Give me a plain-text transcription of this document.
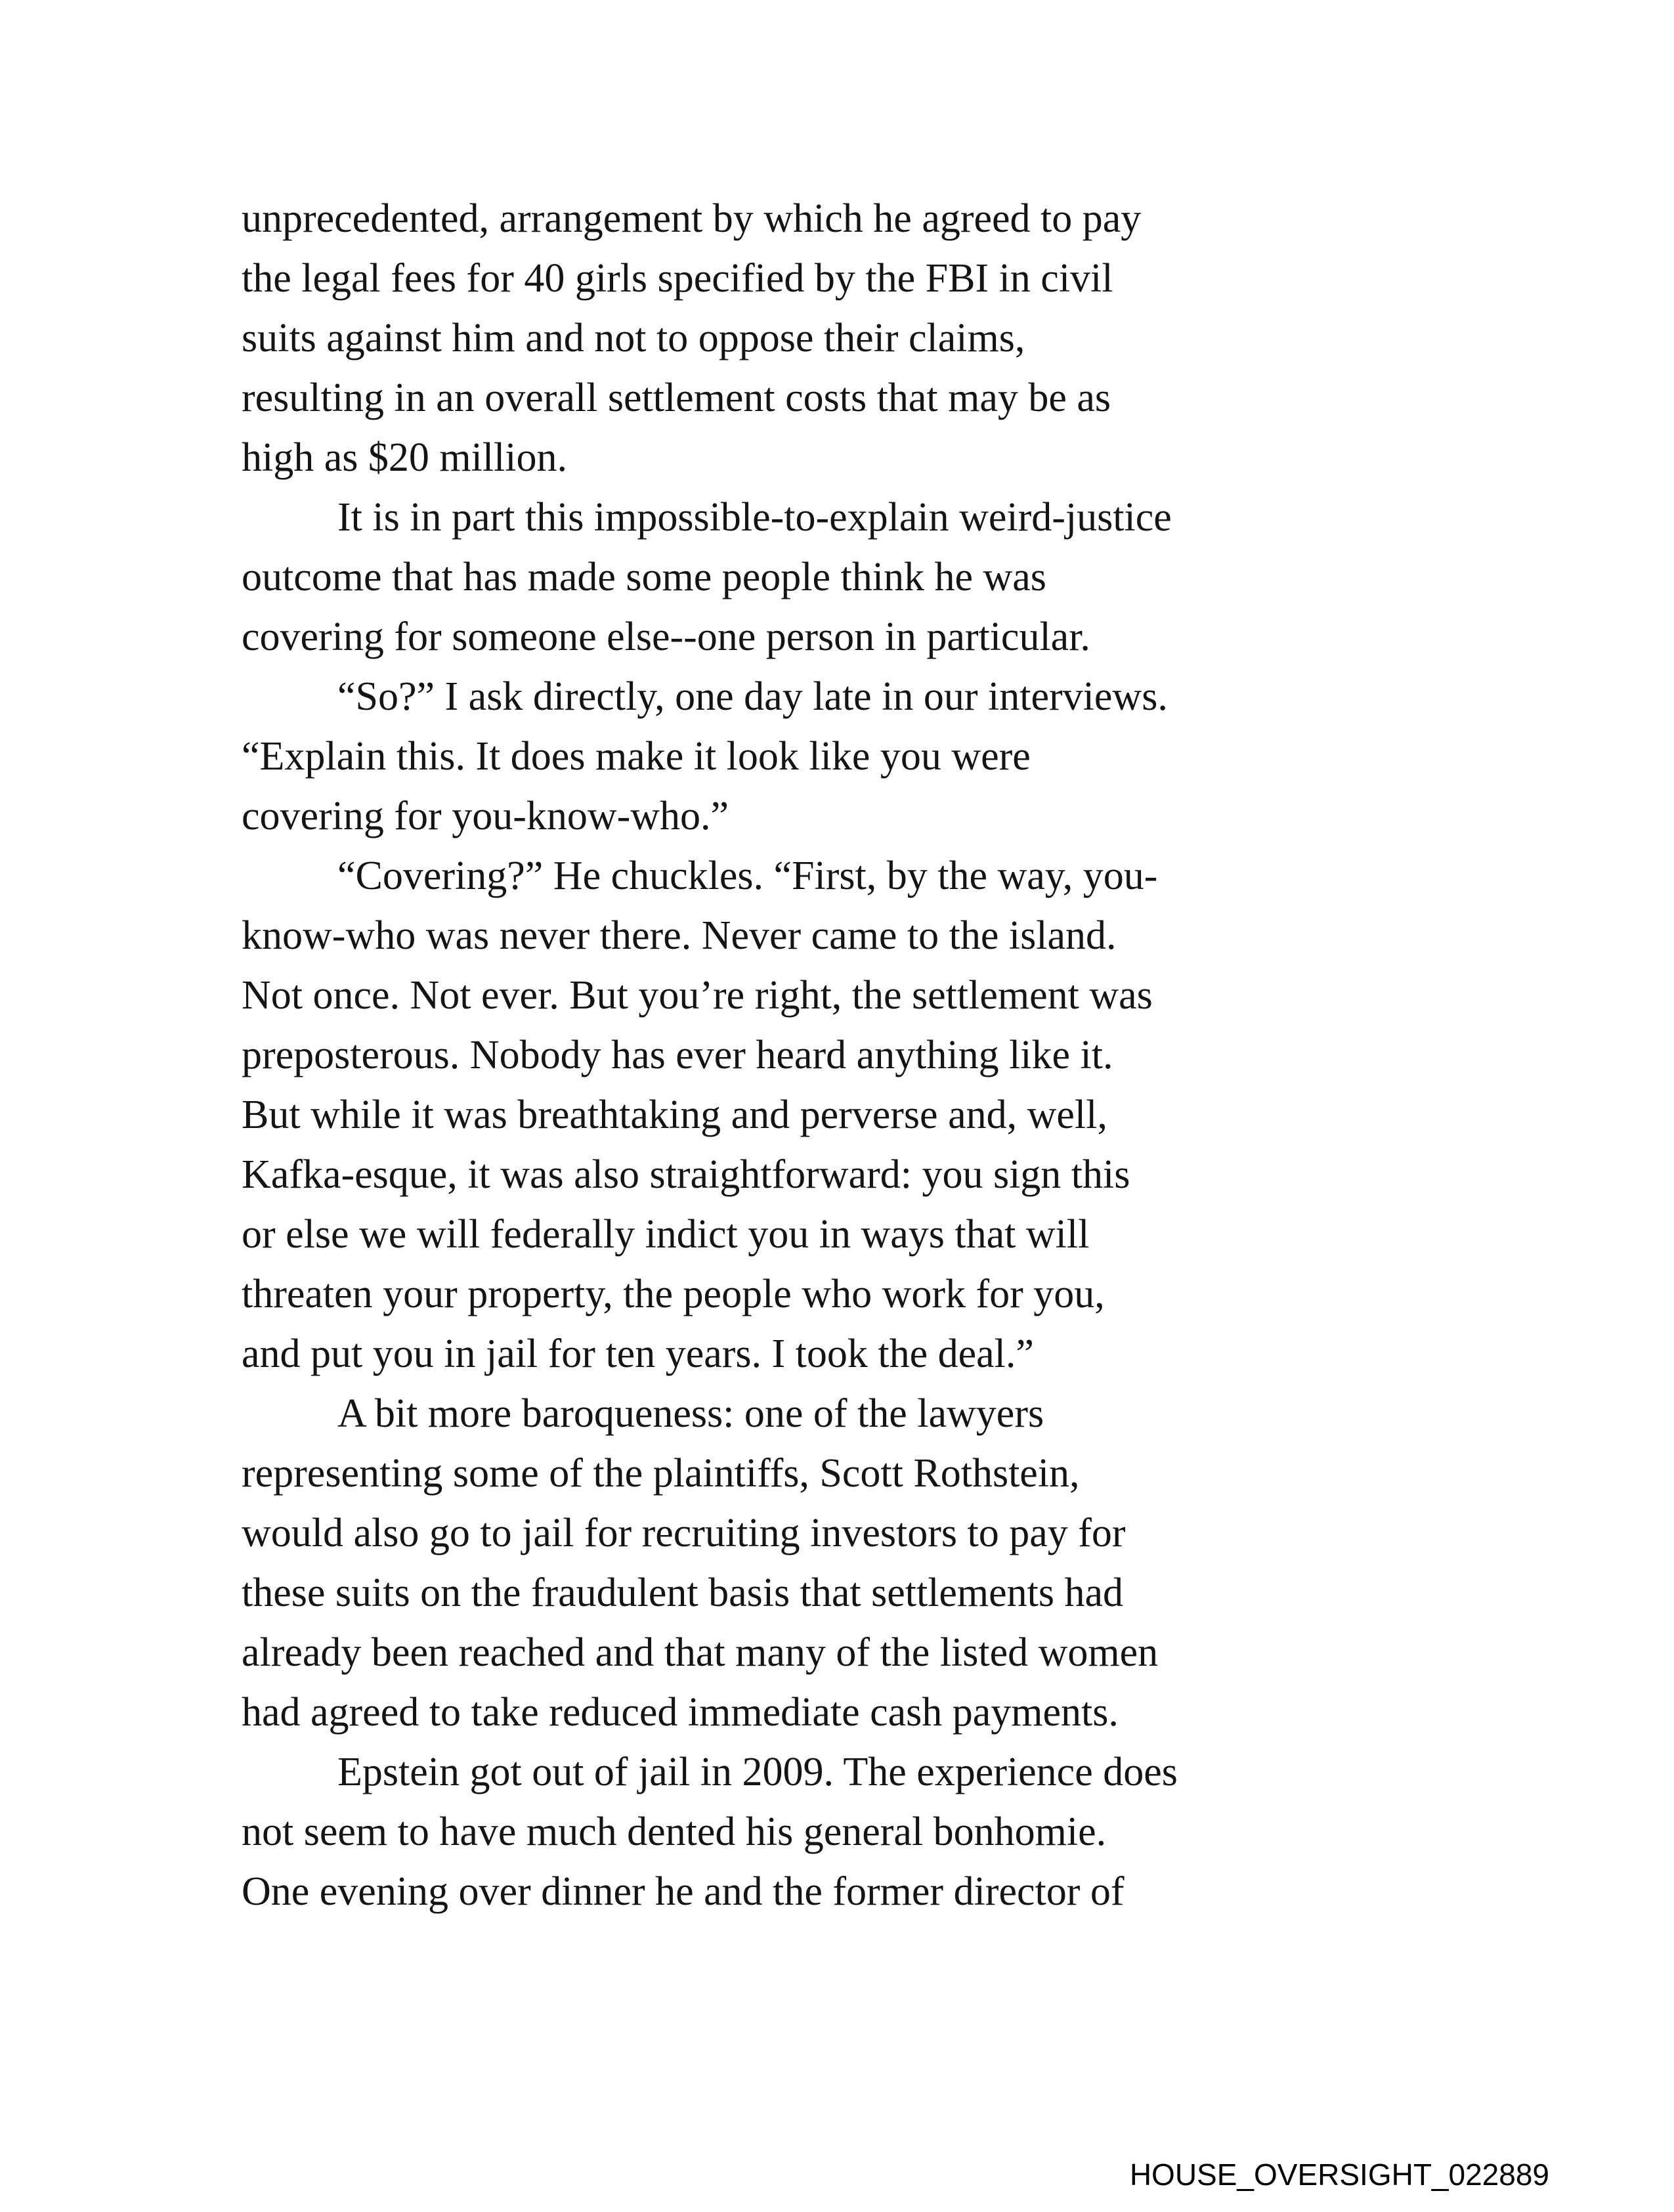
unprecedented, arrangement by which he agreed to pay
the legal fees for 40 girls specified by the FBI in civil
suits against him and not to oppose their claims,
resulting in an overall settlement costs that may be as
high as $20 million.
It is in part this impossible-to-explain weird-justice
outcome that has made some people think he was
covering for someone else--one person in particular.
“So?” I ask directly, one day late in our interviews.
“Explain this. It does make it look like you were
covering for you-know-who.”
“Covering?” He chuckles. “First, by the way, you-
know-who was never there. Never came to the island.
Not once. Not ever. But you’re right, the settlement was
preposterous. Nobody has ever heard anything like it.
But while it was breathtaking and perverse and, well,
Kafka-esque, it was also straightforward: you sign this
or else we will federally indict you in ways that will
threaten your property, the people who work for you,
and put you in jail for ten years. I took the deal.”
A bit more baroqueness: one of the lawyers
representing some of the plaintiffs, Scott Rothstein,
would also go to jail for recruiting investors to pay for
these suits on the fraudulent basis that settlements had
already been reached and that many of the listed women
had agreed to take reduced immediate cash payments.
Epstein got out of jail in 2009. The experience does
not seem to have much dented his general bonhomie.
One evening over dinner he and the former director of
HOUSE_OVERSIGHT_022889
